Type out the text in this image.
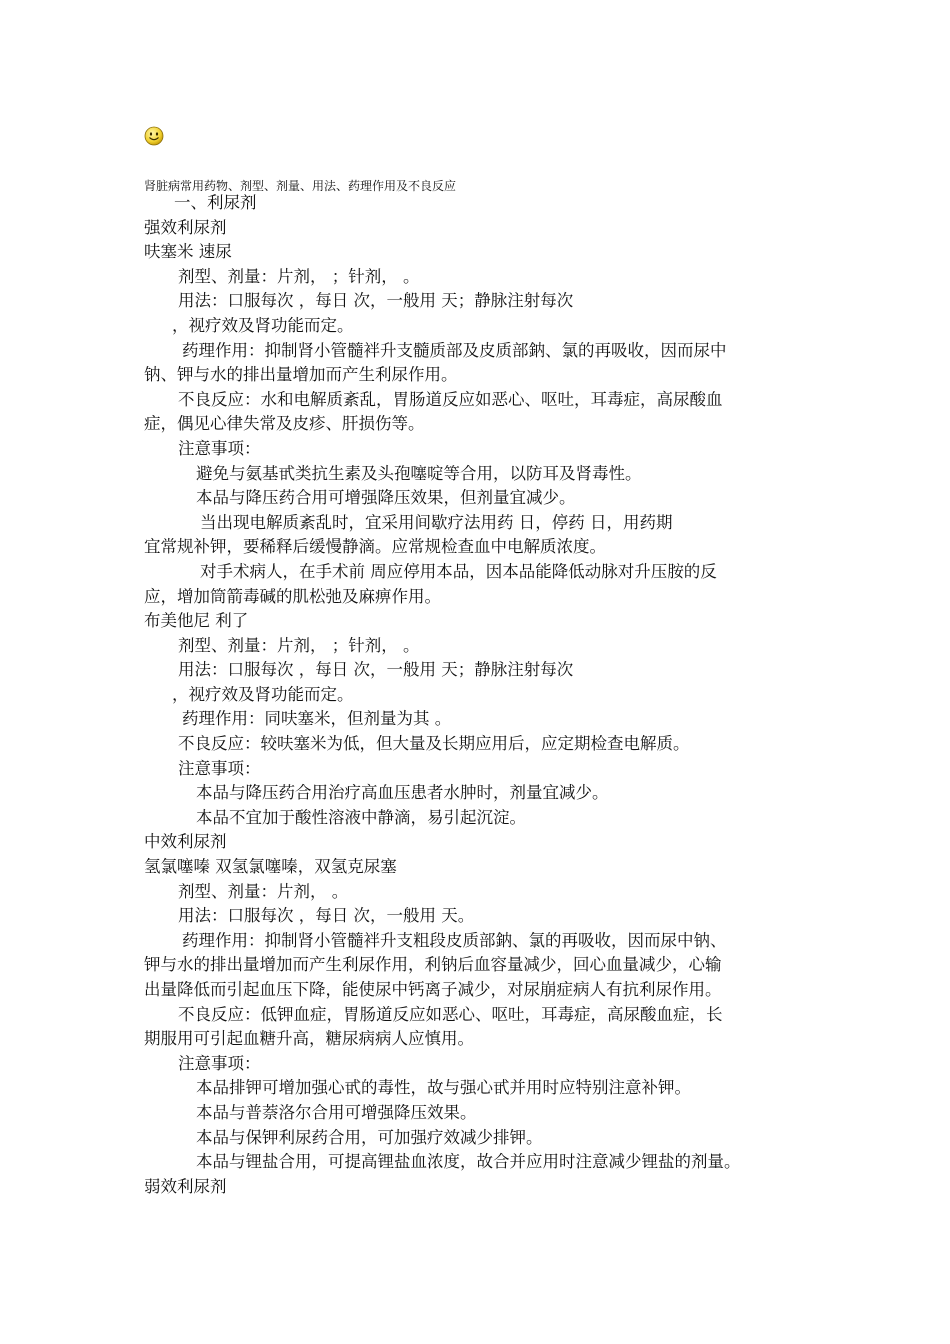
肾脏病常用药物、剂型、剂量、用法、药理作用及不良反应
一、利尿剂
强效利尿剂
呋塞米 速尿
剂型、剂量：片剂， ；针剂， 。
用法：口服每次 ，每日 次，一般用 天；静脉注射每次
，视疗效及肾功能而定。
药理作用：抑制肾小管髓袢升支髓质部及皮质部鈉、氯的再吸收，因而尿中
钠、钾与水的排出量增加而产生利尿作用。
不良反应：水和电解质紊乱，胃肠道反应如恶心、呕吐，耳毒症，高尿酸血
症，偶见心律失常及皮疹、肝损伤等。
注意事项：
避免与氨基甙类抗生素及头孢噻啶等合用，以防耳及肾毒性。
本品与降压药合用可增强降压效果，但剂量宜减少。
当出现电解质紊乱时，宜采用间歇疗法用药 日，停药 日，用药期
宜常规补钾，要稀释后缓慢静滴。应常规检查血中电解质浓度。
对手术病人，在手术前 周应停用本品，因本品能降低动脉对升压胺的反
应，增加筒箭毒碱的肌松弛及麻痹作用。
布美他尼 利了
剂型、剂量：片剂， ；针剂， 。
用法：口服每次 ，每日 次，一般用 天；静脉注射每次
，视疗效及肾功能而定。
药理作用：同呋塞米，但剂量为其 。
不良反应：较呋塞米为低，但大量及长期应用后，应定期检查电解质。
注意事项：
本品与降压药合用治疗高血压患者水肿时，剂量宜减少。
本品不宜加于酸性溶液中静滴，易引起沉淀。
中效利尿剂
氢氯噻嗪 双氢氯噻嗪，双氢克尿塞
剂型、剂量：片剂， 。
用法：口服每次 ，每日 次，一般用 天。
药理作用：抑制肾小管髓袢升支粗段皮质部鈉、氯的再吸收，因而尿中钠、
钾与水的排出量增加而产生利尿作用，利钠后血容量减少，回心血量减少，心输
出量降低而引起血压下降，能使尿中钙离子减少，对尿崩症病人有抗利尿作用。
不良反应：低钾血症，胃肠道反应如恶心、呕吐，耳毒症，高尿酸血症，长
期服用可引起血糖升高，糖尿病病人应慎用。
注意事项：
本品排钾可增加强心甙的毒性，故与强心甙并用时应特别注意补钾。
本品与普萘洛尔合用可增强降压效果。
本品与保钾利尿药合用，可加强疗效减少排钾。
本品与锂盐合用，可提高锂盐血浓度，故合并应用时注意减少锂盐的剂量。
弱效利尿剂
